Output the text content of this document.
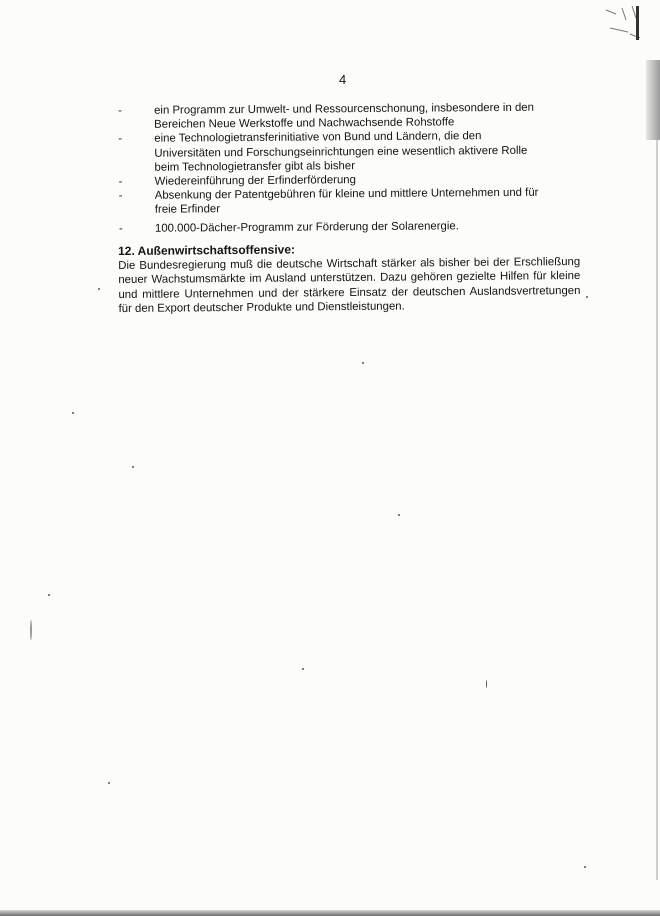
4
-	ein Programm zur Umwelt- und Ressourcenschonung, insbesondere in den
Bereichen Neue Werkstoffe und Nachwachsende Rohstoffe
-	eine Technologietransferinitiative von Bund und Ländern, die den
Universitäten und Forschungseinrichtungen eine wesentlich aktivere Rolle
beim Technologietransfer gibt als bisher
-	Wiedereinführung der Erfinderförderung
-	Absenkung der Patentgebühren für kleine und mittlere Unternehmen und für
freie Erfinder
-	100.000-Dächer-Programm zur Förderung der Solarenergie.
12. Außenwirtschaftsoffensive:
Die Bundesregierung muß die deutsche Wirtschaft stärker als bisher bei der Erschließung neuer Wachstumsmärkte im Ausland unterstützen. Dazu gehören gezielte Hilfen für kleine und mittlere Unternehmen und der stärkere Einsatz der deutschen Auslandsvertretungen für den Export deutscher Produkte und Dienstleistungen.
